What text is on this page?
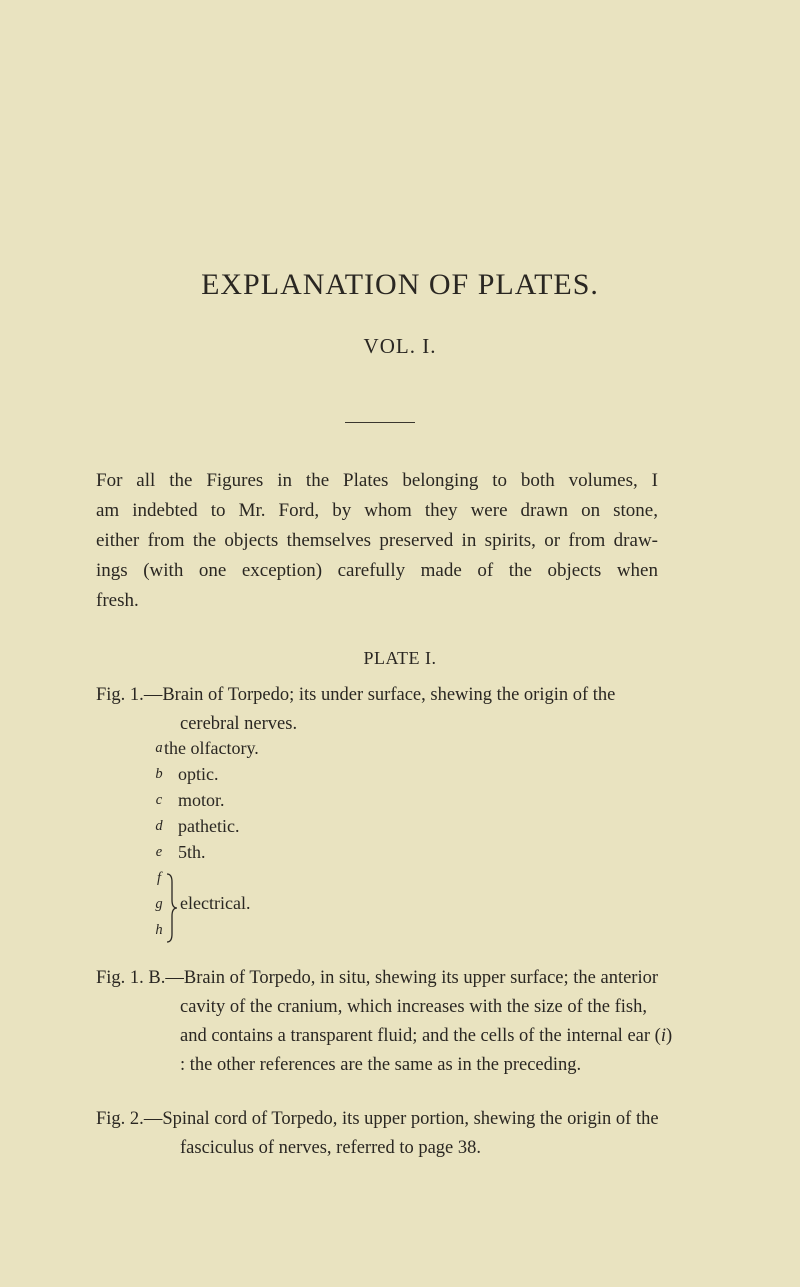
EXPLANATION OF PLATES.
VOL. I.

For all the Figures in the Plates belonging to both volumes, I
am indebted to Mr. Ford, by whom they were drawn on stone,
either from the objects themselves preserved in spirits, or from draw-
ings (with one exception) carefully made of the objects when
fresh.

PLATE I.
Fig. 1.—Brain of Torpedo; its under surface, shewing the origin of the cerebral nerves.
a the olfactory.
b optic.
c motor.
d pathetic.
e 5th.
f
g
h
electrical.
Fig. 1. B.—Brain of Torpedo, in situ, shewing its upper surface; the anterior cavity of the cranium, which increases with the size of the fish, and contains a transparent fluid; and the cells of the internal ear (i) : the other references are the same as in the preceding.
Fig. 2.—Spinal cord of Torpedo, its upper portion, shewing the origin of the fasciculus of nerves, referred to page 38.
